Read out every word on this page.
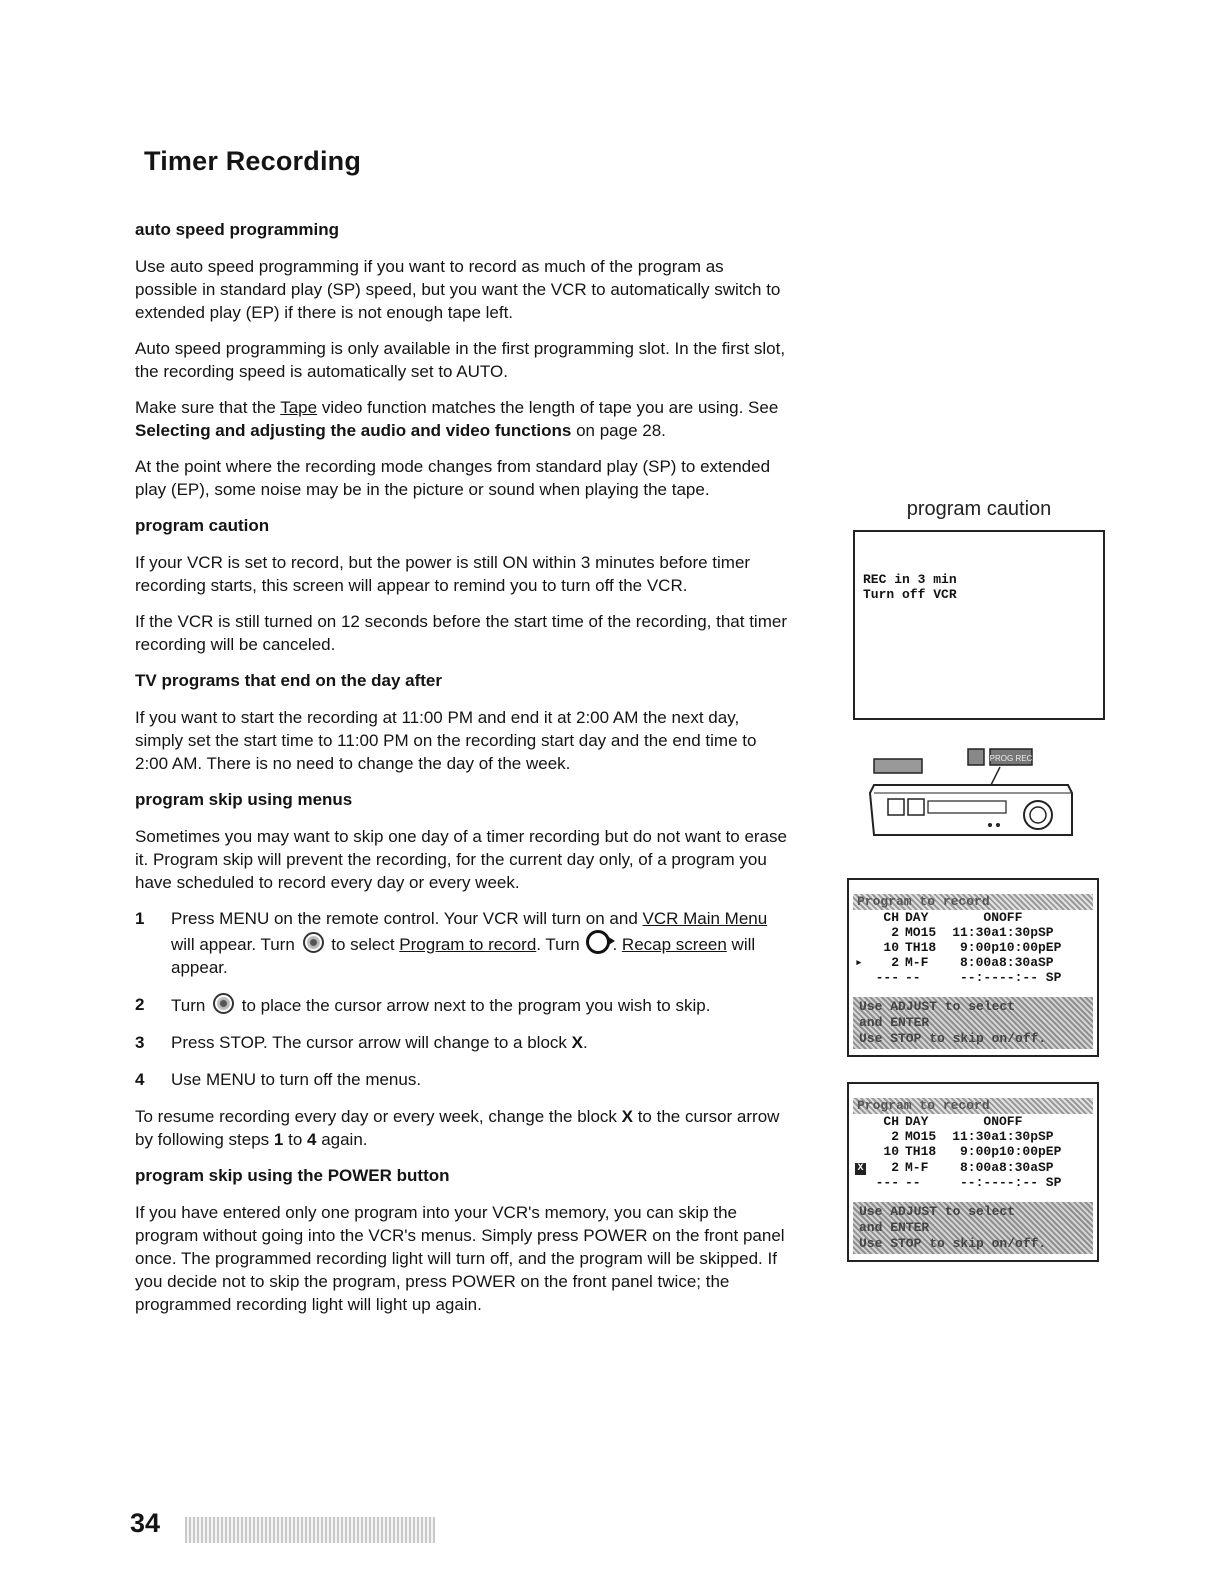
Timer Recording
auto speed programming

Use auto speed programming if you want to record as much of the program as possible in standard play (SP) speed, but you want the VCR to automatically switch to extended play (EP) if there is not enough tape left.

Auto speed programming is only available in the first programming slot. In the first slot, the recording speed is automatically set to AUTO.

Make sure that the Tape video function matches the length of tape you are using. See Selecting and adjusting the audio and video functions on page 28.

At the point where the recording mode changes from standard play (SP) to extended play (EP), some noise may be in the picture or sound when playing the tape.

program caution

If your VCR is set to record, but the power is still ON within 3 minutes before timer recording starts, this screen will appear to remind you to turn off the VCR.

If the VCR is still turned on 12 seconds before the start time of the recording, that timer recording will be canceled.

TV programs that end on the day after

If you want to start the recording at 11:00 PM and end it at 2:00 AM the next day, simply set the start time to 11:00 PM on the recording start day and the end time to 2:00 AM. There is no need to change the day of the week.

program skip using menus

Sometimes you may want to skip one day of a timer recording but do not want to erase it. Program skip will prevent the recording, for the current day only, of a program you have scheduled to record every day or every week.

1 Press MENU on the remote control. Your VCR will turn on and VCR Main Menu will appear. Turn  to select Program to record. Turn . Recap screen will appear.
2 Turn  to place the cursor arrow next to the program you wish to skip.
3 Press STOP. The cursor arrow will change to a block X.
4 Use MENU to turn off the menus.

To resume recording every day or every week, change the block X to the cursor arrow by following steps 1 to 4 again.

program skip using the POWER button

If you have entered only one program into your VCR's memory, you can skip the program without going into the VCR's menus. Simply press POWER on the front panel once. The programmed recording light will turn off, and the program will be skipped. If you decide not to skip the program, press POWER on the front panel twice; the programmed recording light will light up again.

program caution
REC in 3 min
Turn off VCR
PROG REC
Program to record
	CH	DAY	ON	OFF
	2	MO15	11:30a	1:30pSP
	10	TH18	9:00p	10:00pEP
▸	2	M-F	8:00a	8:30aSP
	---	--	--:--	--:-- SP
Use ADJUST to select
and ENTER
Use STOP to skip on/off.
Program to record
	CH	DAY	ON	OFF
	2	MO15	11:30a	1:30pSP
	10	TH18	9:00p	10:00pEP
X	2	M-F	8:00a	8:30aSP
	---	--	--:--	--:-- SP
Use ADJUST to select
and ENTER
Use STOP to skip on/off.
34
